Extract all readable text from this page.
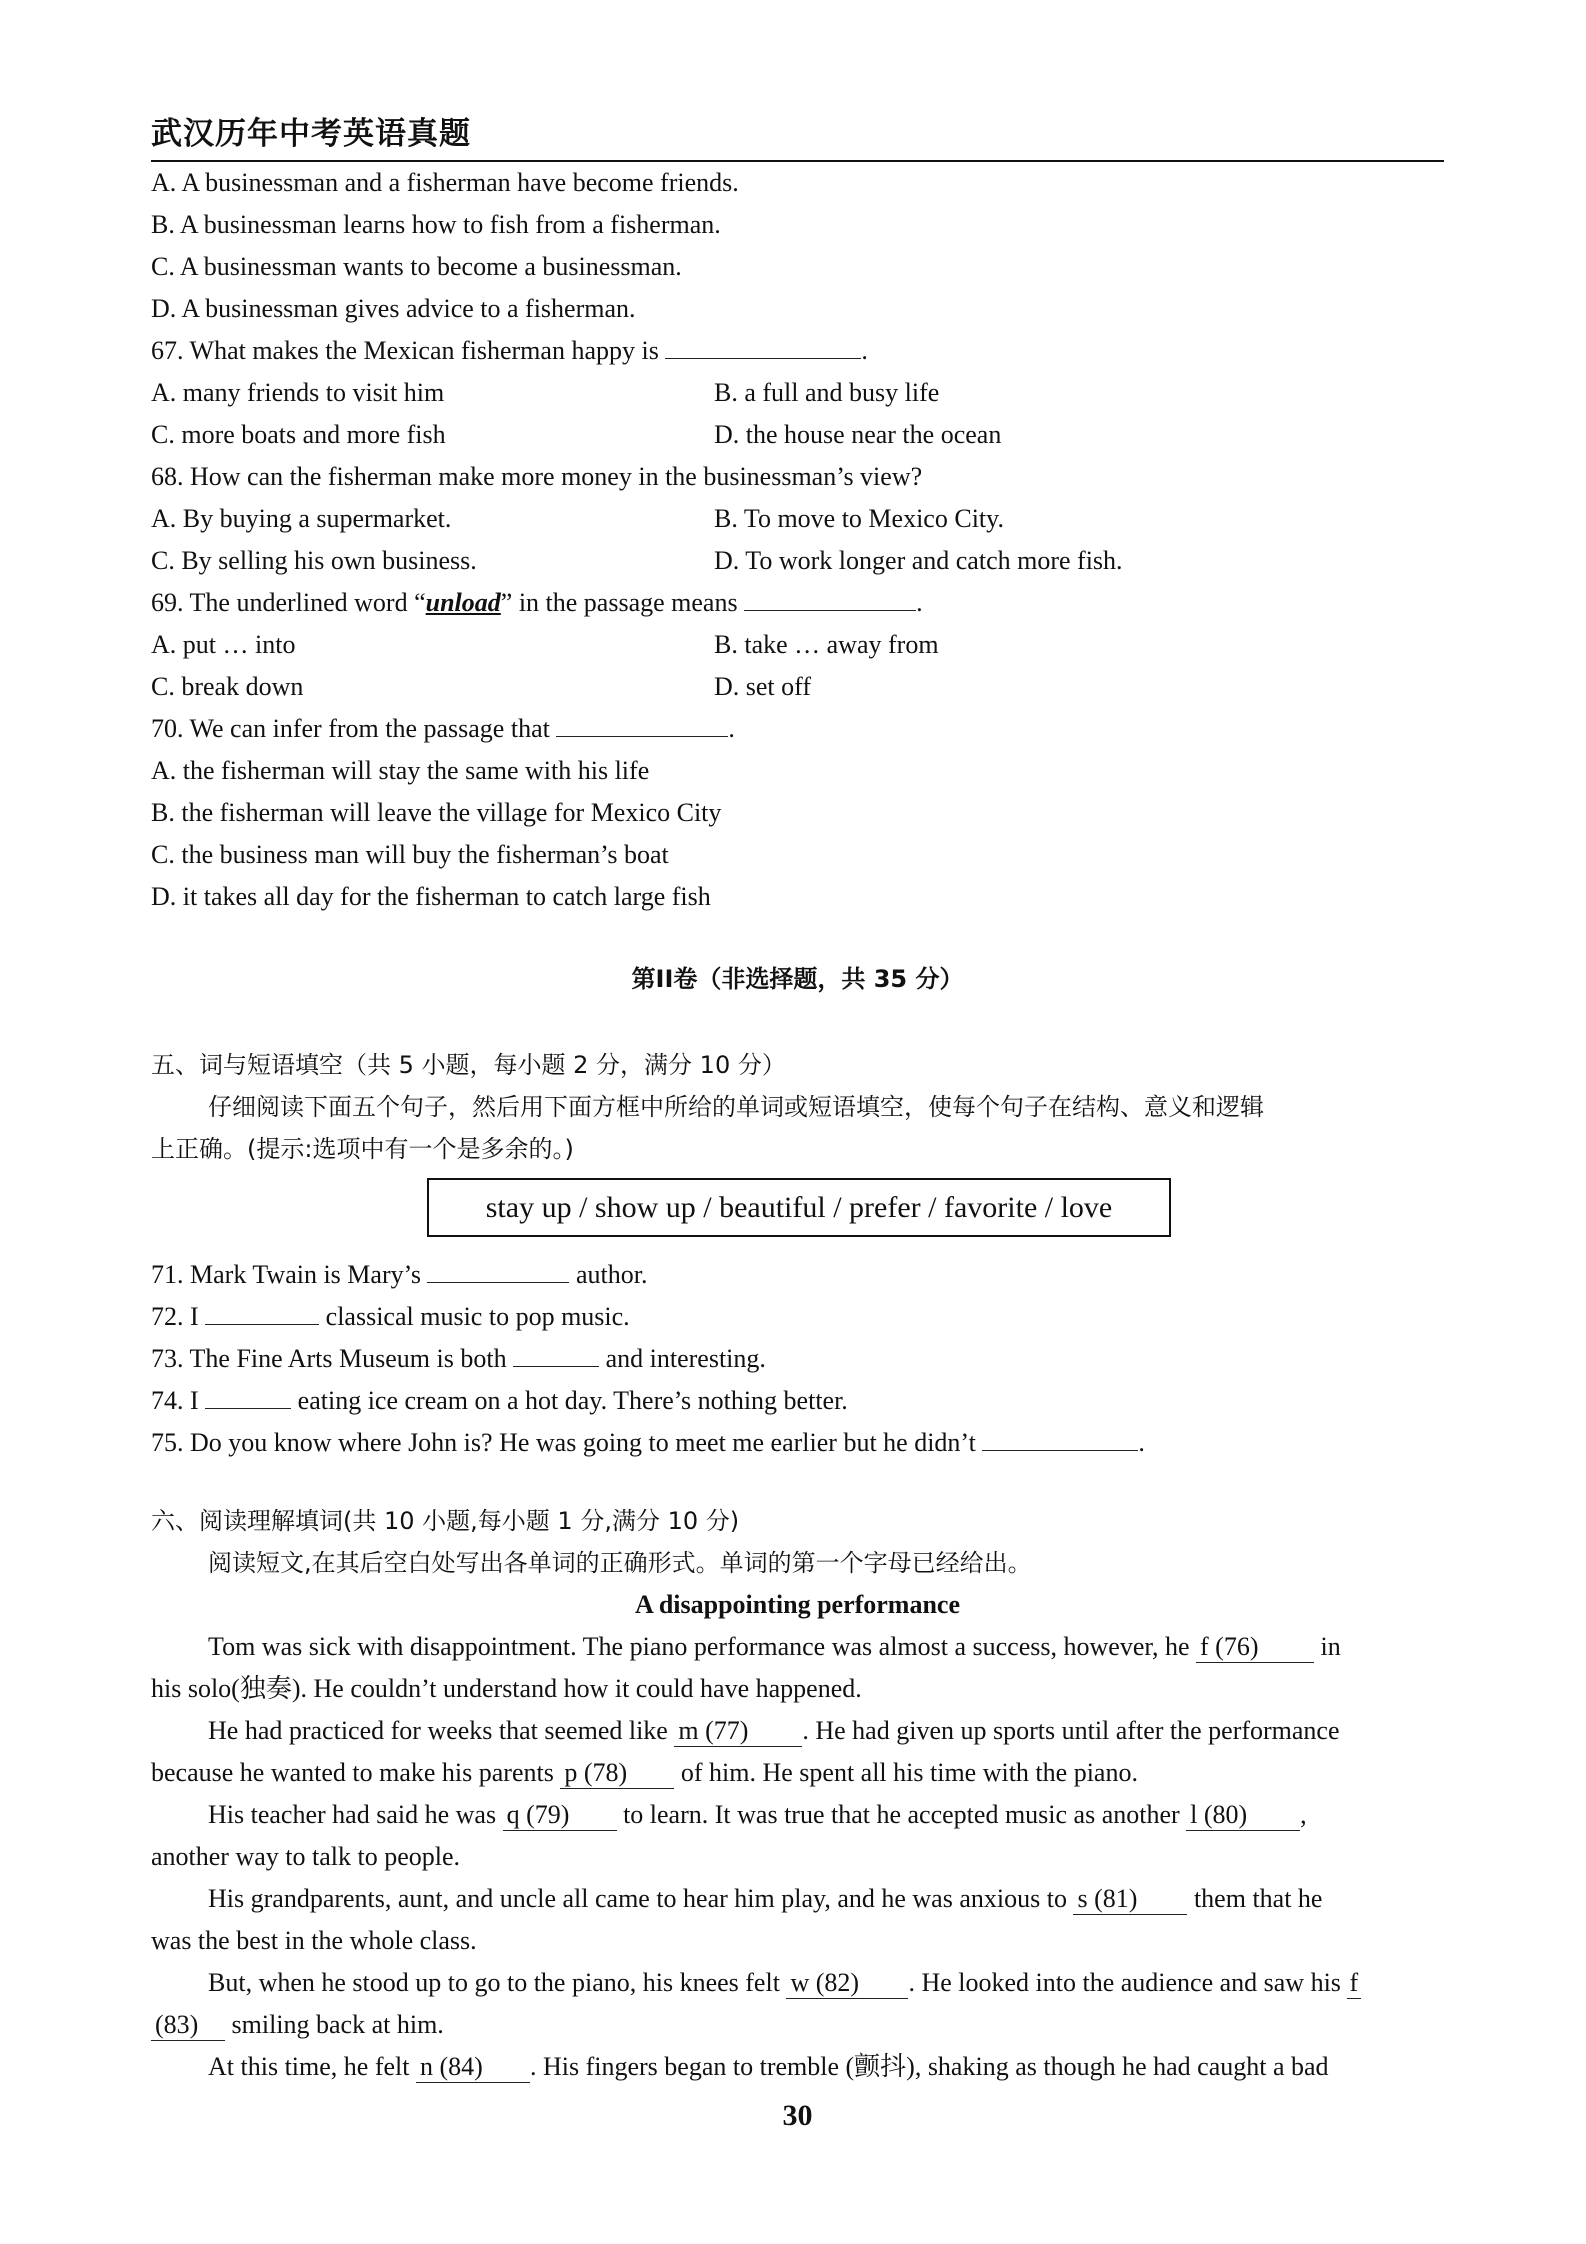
武汉历年中考英语真题
A. A businessman and a fisherman have become friends.
B. A businessman learns how to fish from a fisherman.
C. A businessman wants to become a businessman.
D. A businessman gives advice to a fisherman.
67. What makes the Mexican fisherman happy is	.
A. many friends to visit him	B. a full and busy life
C. more boats and more fish	D. the house near the ocean
68. How can the fisherman make more money in the businessman’s view?
A. By buying a supermarket.	B. To move to Mexico City.
C. By selling his own business.	D. To work longer and catch more fish.
69. The underlined word “unload” in the passage means	.
A. put … into	B. take … away from
C. break down	D. set off
70. We can infer from the passage that	.
A. the fisherman will stay the same with his life
B. the fisherman will leave the village for Mexico City
C. the business man will buy the fisherman’s boat
D. it takes all day for the fisherman to catch large fish
第II卷（非选择题，共 35 分）
五、词与短语填空（共 5 小题，每小题 2 分，满分 10 分）
仔细阅读下面五个句子，然后用下面方框中所给的单词或短语填空，使每个句子在结构、意义和逻辑
上正确。(提示:选项中有一个是多余的。)
stay up / show up / beautiful / prefer / favorite / love
71. Mark Twain is Mary’s	author.
72. I	classical music to pop music.
73. The Fine Arts Museum is both	and interesting.
74. I	eating ice cream on a hot day. There’s nothing better.
75. Do you know where John is? He was going to meet me earlier but he didn’t	.
六、阅读理解填词(共 10 小题,每小题 1 分,满分 10 分)
阅读短文,在其后空白处写出各单词的正确形式。单词的第一个字母已经给出。
A disappointing performance
Tom was sick with disappointment. The piano performance was almost a success, however, he f (76) in
his solo(独奏). He couldn’t understand how it could have happened.
He had practiced for weeks that seemed like m (77) . He had given up sports until after the performance
because he wanted to make his parents p (78) of him. He spent all his time with the piano.
His teacher had said he was q (79) to learn. It was true that he accepted music as another l (80) ,
another way to talk to people.
His grandparents, aunt, and uncle all came to hear him play, and he was anxious to s (81) them that he
was the best in the whole class.
But, when he stood up to go to the piano, his knees felt w (82) . He looked into the audience and saw his f
(83) smiling back at him.
At this time, he felt n (84) . His fingers began to tremble (颤抖), shaking as though he had caught a bad
30
